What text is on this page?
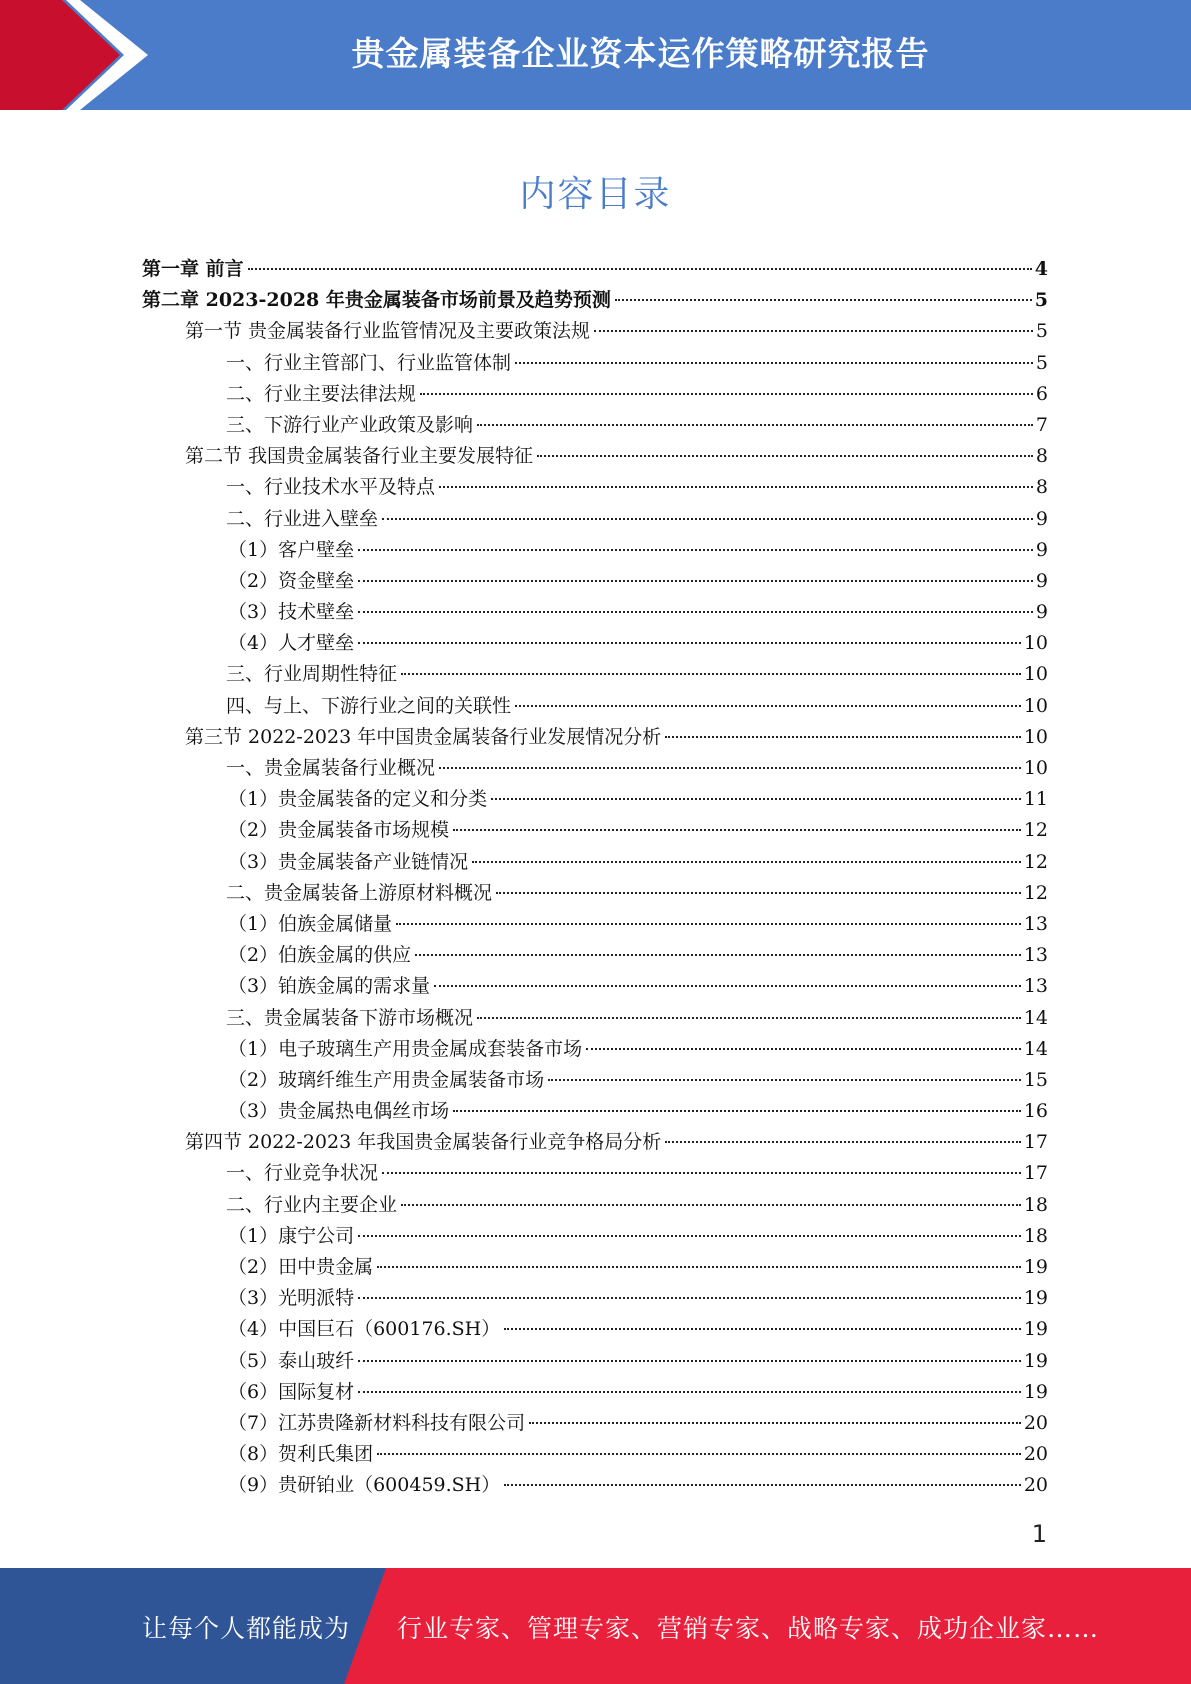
贵金属装备企业资本运作策略研究报告
内容目录
第一章 前言	4
第二章 2023-2028 年贵金属装备市场前景及趋势预测	5
第一节 贵金属装备行业监管情况及主要政策法规	5
一、行业主管部门、行业监管体制	5
二、行业主要法律法规	6
三、下游行业产业政策及影响	7
第二节 我国贵金属装备行业主要发展特征	8
一、行业技术水平及特点	8
二、行业进入壁垒	9
（1）客户壁垒	9
（2）资金壁垒	9
（3）技术壁垒	9
（4）人才壁垒	10
三、行业周期性特征	10
四、与上、下游行业之间的关联性	10
第三节 2022-2023 年中国贵金属装备行业发展情况分析	10
一、贵金属装备行业概况	10
（1）贵金属装备的定义和分类	11
（2）贵金属装备市场规模	12
（3）贵金属装备产业链情况	12
二、贵金属装备上游原材料概况	12
（1）伯族金属储量	13
（2）伯族金属的供应	13
（3）铂族金属的需求量	13
三、贵金属装备下游市场概况	14
（1）电子玻璃生产用贵金属成套装备市场	14
（2）玻璃纤维生产用贵金属装备市场	15
（3）贵金属热电偶丝市场	16
第四节 2022-2023 年我国贵金属装备行业竞争格局分析	17
一、行业竞争状况	17
二、行业内主要企业	18
（1）康宁公司	18
（2）田中贵金属	19
（3）光明派特	19
（4）中国巨石（600176.SH）	19
（5）泰山玻纤	19
（6）国际复材	19
（7）江苏贵隆新材料科技有限公司	20
（8）贺利氏集团	20
（9）贵研铂业（600459.SH）	20
1
让每个人都能成为 行业专家、管理专家、营销专家、战略专家、成功企业家……
